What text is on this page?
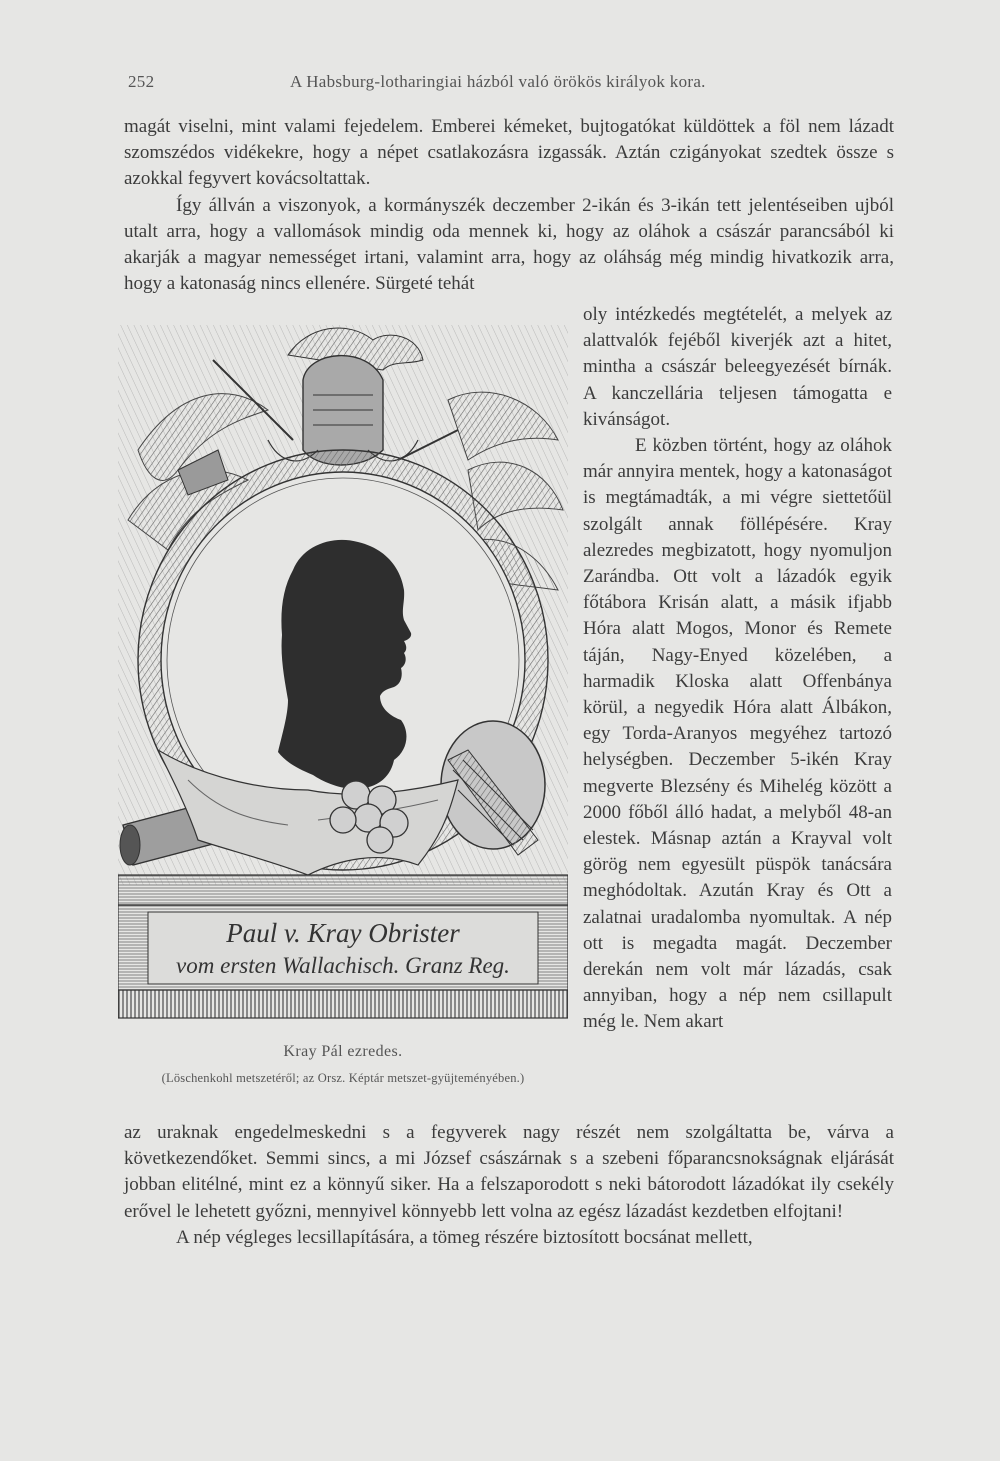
252	A Habsburg-lotharingiai házból való örökös királyok kora.

magát viselni, mint valami fejedelem. Emberei kémeket, bujtogatókat küldöttek a föl nem lázadt szomszédos vidékekre, hogy a népet csatlakozásra izgassák. Aztán czigányokat szedtek össze s azokkal fegyvert kovácsoltattak.

Így állván a viszonyok, a kormányszék deczember 2-ikán és 3-ikán tett jelentéseiben ujból utalt arra, hogy a vallomások mindig oda mennek ki, hogy az oláhok a császár parancsából ki akarják a magyar nemességet irtani, valamint arra, hogy az oláhság még mindig hivatkozik arra, hogy a katonaság nincs ellenére. Sürgeté tehát

oly intézkedés megtételét, a melyek az alattvalók fejéből kiverjék azt a hitet, mintha a császár beleegyezését bírnák. A kanczellária teljesen támogatta e kivánságot.

E közben történt, hogy az oláhok már annyira mentek, hogy a katonaságot is megtámadták, a mi végre siettetőül szolgált annak föllépésére. Kray alezredes megbizatott, hogy nyomuljon Zarándba. Ott volt a lázadók egyik főtábora Krisán alatt, a másik ifjabb Hóra alatt Mogos, Monor és Remete táján, Nagy-Enyed közelében, a harmadik Kloska alatt Offenbánya körül, a negyedik Hóra alatt Álbákon, egy Torda-Aranyos megyéhez tartozó helységben. Deczember 5-ikén Kray megverte Blezsény és Mihelég között a 2000 főből álló hadat, a melyből 48-an elestek. Másnap aztán a Krayval volt görög nem egyesült püspök tanácsára meghódoltak. Azután Kray és Ott a zalatnai uradalomba nyomultak. A nép ott is megadta magát. Deczember derekán nem volt már lázadás, csak annyiban, hogy a nép nem csillapult még le. Nem akart

Paul v. Kray Obrister
vom ersten Wallachisch. Granz Reg.
Kray Pál ezredes.
(Löschenkohl metszetéről; az Orsz. Képtár metszet-gyüjteményében.)

az uraknak engedelmeskedni s a fegyverek nagy részét nem szolgáltatta be, várva a következendőket. Semmi sincs, a mi József császárnak s a szebeni főparancsnokságnak eljárását jobban elitélné, mint ez a könnyű siker. Ha a felszaporodott s neki bátorodott lázadókat ily csekély erővel le lehetett győzni, mennyivel könnyebb lett volna az egész lázadást kezdetben elfojtani!

A nép végleges lecsillapítására, a tömeg részére biztosított bocsánat mellett,
